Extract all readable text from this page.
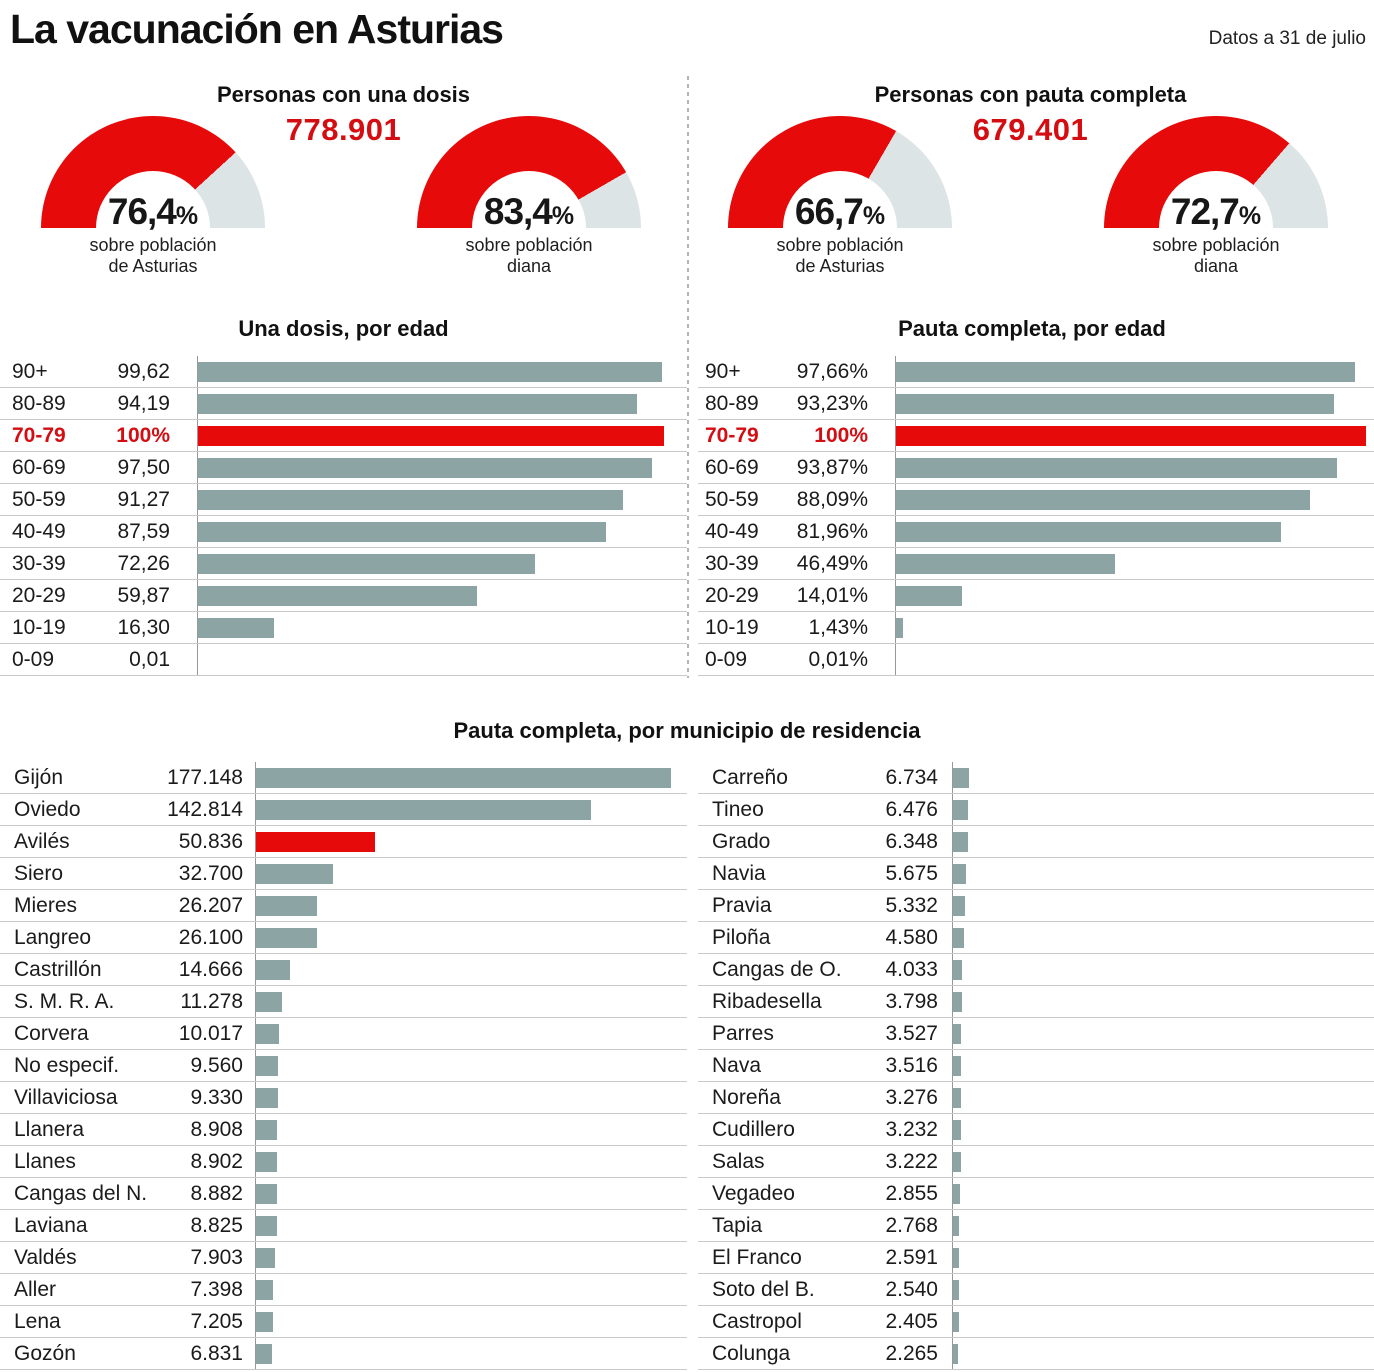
La vacunación en Asturias	Datos a 31 de julio
Personas con una dosis
778.901
76,4%
sobre población
de Asturias
83,4%
sobre población
diana
Personas con pauta completa
679.401
66,7%
sobre población
de Asturias
72,7%
sobre población
diana
Una dosis, por edad
90+	99,62
80-89	94,19
70-79	100%
60-69	97,50
50-59	91,27
40-49	87,59
30-39	72,26
20-29	59,87
10-19	16,30
0-09	0,01
Pauta completa, por edad
90+	97,66%
80-89	93,23%
70-79	100%
60-69	93,87%
50-59	88,09%
40-49	81,96%
30-39	46,49%
20-29	14,01%
10-19	1,43%
0-09	0,01%
Pauta completa, por municipio de residencia
Gijón	177.148
Oviedo	142.814
Avilés	50.836
Siero	32.700
Mieres	26.207
Langreo	26.100
Castrillón	14.666
S. M. R. A.	11.278
Corvera	10.017
No especif.	9.560
Villaviciosa	9.330
Llanera	8.908
Llanes	8.902
Cangas del N.	8.882
Laviana	8.825
Valdés	7.903
Aller	7.398
Lena	7.205
Gozón	6.831
Carreño	6.734
Tineo	6.476
Grado	6.348
Navia	5.675
Pravia	5.332
Piloña	4.580
Cangas de O.	4.033
Ribadesella	3.798
Parres	3.527
Nava	3.516
Noreña	3.276
Cudillero	3.232
Salas	3.222
Vegadeo	2.855
Tapia	2.768
El Franco	2.591
Soto del B.	2.540
Castropol	2.405
Colunga	2.265
